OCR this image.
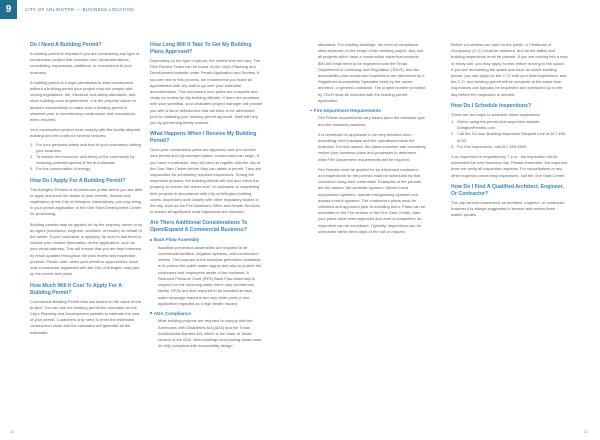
9	CITY OF ARLINGTON — BUSINESS LOCATION
Do I Need A Building Permit?

A building permit is required if you are considering any type of construction project that includes new, repair/alterations, remodeling, expansions, additions, or conversions to your business.

A building permit is a legal permission to start construction; without a building permit your project may not comply with zoning regulations, fire, electrical and safety standards, and other building code requirements. It is the property owner or tenant's responsibility to make sure a building permit is obtained prior to commencing construction and renovations, when required.

Your construction project must comply with the locally adopted building and fire codes for several reasons:

1. For your personal safety and that of your customers visiting your business.
2. To ensure the economic well-being of the community by reducing potential spread of fire and disease.
3. For the conservation of energy.
How Do I Apply For A Building Permit?

The Arlington Permits is an electronic portal where you are able to apply and track the status of your permits, license and registration at the City of Arlington. Alternatively, you may bring in your permit application to the One Start Development Center for processing.

Building permits may be applied for by the property owner or by an agent (contractor, engineer, architect, or tenant) on behalf of the owner. If your contractor is applying, be sure to ask them to include your contact information on the application, such as your email address. This will ensure that you are kept informed by email updates throughout the plan review and inspection process. Please note, when your permit is approved for issue, only a contractor registered with the City of Arlington may pick up the permit and plans.

How Much Will It Cost To Apply For A Building Permit?

Commercial Building Permit fees are based on the value of the project. You can use the building permit fee calculator on the City's Planning and Development website to estimate the cost of your permit. Customers only need to enter the estimated construction value and the calculator will generate all fee estimates.

How Long Will It Take To Get My Building Plans Approved?

Depending on the type of permit, the review time will vary. The Plan Review Times can be found on the City's Planning and Development website under Permit Application and Review. If you are new to this process, we recommend you make an appointment with city staff to go over your submittal documentation. This will ensure your plans are complete and ready for review by city building officials. If there are problems with your submittal, your dedicated project manager will provide you with a list of deficiencies that will have to be addressed prior to obtaining your building permit approval. Staff will help you by performing timely reviews.

What Happens When I Receive My Building Permit?

Once your construction plans are approved and you receive your permit and city-stamped plans, construction can begin. If you have a contractor, they will need to register with the city at the One Start Center before they can obtain a permit. They are responsible for scheduling required inspections. During the inspection process, the building official will visit and check the property to ensure the owner and / or contractor is completing their projects in accordance with City of Arlington building codes. Inspectors work closely with other regulatory bodies in the city, such as the Fire Marshal's Office and Health Services, to ensure all applicable local regulations are followed.

Are There Additional Considerations To Open/Expand A Commercial Business?
Back Flow Assembly

Backflow prevention assemblies are required at all commercial facilities, irrigation systems, and construction meters. The purpose of the backflow prevention assembly is to protect the public water supply and also to protect the customers and employees inside of the business. A Reduced Pressure Zone (RPZ) Back Flow Assembly is required on the incoming water line in any commercial facility. RPZs are also required to be installed at each water beverage machine and any other point of use application regarded as a high health hazard.

ADA Compliance

Most building projects are required to comply with the Americans with Disabilities Act (ADA) and the Texas Architectural Barriers Act, which is the State of Texas' version of the ADA. New buildings and parking areas must be fully compliant with accessibility design

standards. For existing buildings, the level of compliance often depends on the scope of the building project. Any and all projects which have a construction value that exceeds $50,000 shall need to be registered with the Texas Department of Licensing and Regulation (TDLR), and the accessibility plan review and inspections are performed by a Registered Accessibility Specialist hired by the owner, architect, or general contractor. The project number provided by TDLR must be included with the building permit application.

Fire Department Requirements

Fire Permit requirements vary based upon the business type and the business practices.

It is beneficial for applicants to be very detailed when describing their business and the operations inside the business. For this reason, the plans examiner can accurately review your business plans and processes to determine what Fire Department requirements will be required.

Fire Permits must be applied for by a licensed contractor, and inspections for fire permits must be scheduled by that contractor using their credentials. Examples of fire permits are fire alarms, fire sprinkler systems, kitchen hood suppression systems, special extinguishing systems and access control systems. The contractor's plans must be reviewed and approved prior to installing them. Plans can be submitted in the Fire section of the One Start Center. After your plans have been approved and work is completed, an inspection can be scheduled. Typically, inspections can be scheduled within three days of the call or request.

Before a business can open to the public, a Certificate of Occupancy (C.O.) must be obtained, and all fire safety and building inspections must be passed. If you are moving into a new or ready unit, you may apply for this before moving to the space. If you are remodeling the space and have an active building permit, you can apply for the C.O. with your final inspections, and the C.O. and building permit will be complete at the same time. Inspections can typically be requested and scheduled up to the day before the inspection is needed.

How Do I Schedule Inspections?

There are two ways to schedule these inspections:

1. Online using the permit and inspection website, ArlingtonPermits.com
2. Call the 24-hour Building Inspection Request Line at 817-459-6233.
3. For Fire inspections, call 817-459-6539.

If an inspection is requested by 7 p.m., the inspection will be scheduled the next business day. Please remember, the inspector does not verify all inspection requests. For cancellations or any other requests concerning inspections, call the One Start Center.

How Do I Find A Qualified Architect, Engineer, Or Contractor?

The city cannot recommend an architect, engineer, or contractor, however it is always suggested to receive and review three written quotes.

10	11
